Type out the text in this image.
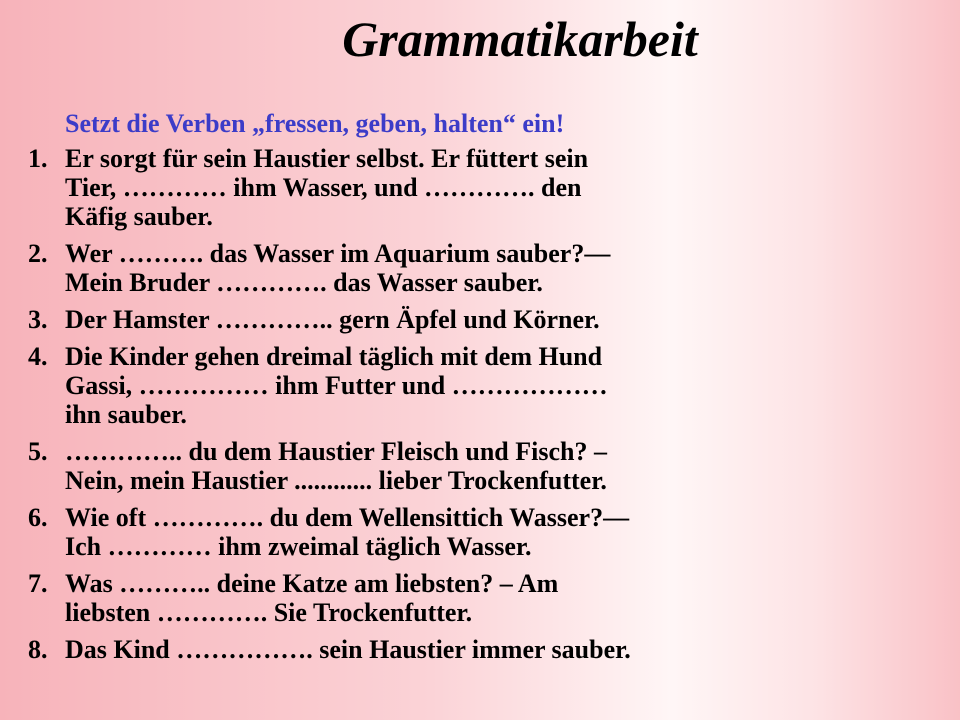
Grammatikarbeit
Setzt die Verben „fressen, geben, halten“ ein!
1. Er sorgt für sein Haustier selbst. Er füttert sein
Tier, ………… ihm Wasser, und …………. den
Käfig sauber.
2. Wer ………. das Wasser im Aquarium sauber?—
Mein Bruder …………. das Wasser sauber.
3. Der Hamster ………….. gern Äpfel und Körner.
4. Die Kinder gehen dreimal täglich mit dem Hund
Gassi, …………… ihm Futter und ………………
ihn sauber.
5. ………….. du dem Haustier Fleisch und Fisch? –
Nein, mein Haustier ............ lieber Trockenfutter.
6. Wie oft …………. du dem Wellensittich Wasser?—
Ich ………… ihm zweimal täglich Wasser.
7. Was ……….. deine Katze am liebsten? – Am
liebsten …………. Sie Trockenfutter.
8. Das Kind ……………. sein Haustier immer sauber.
